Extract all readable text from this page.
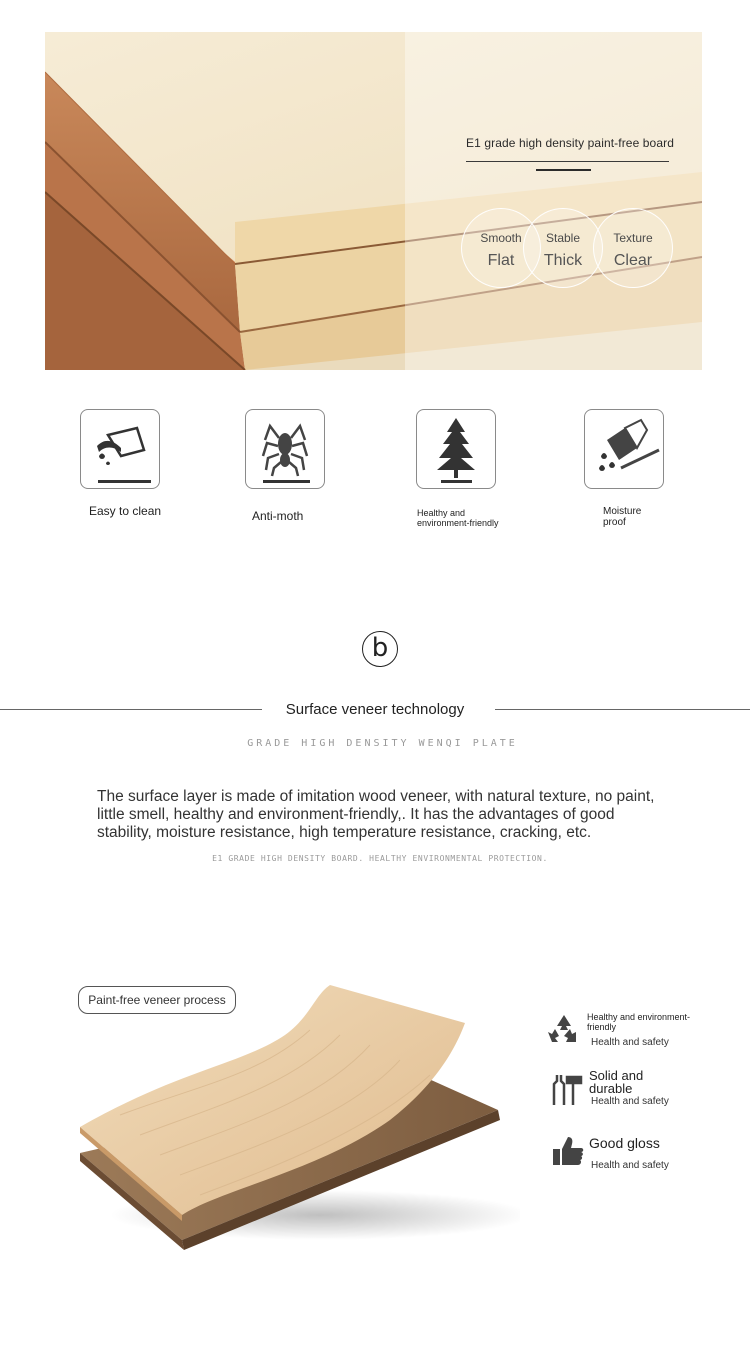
E1 grade high density paint-free board
Smooth
Flat
Stable
Thick
Texture
Clear
Easy to clean	Anti-moth	Healthy and environment-friendly
Moisture proof
b
Surface veneer technology
GRADE HIGH DENSITY WENQI PLATE
The surface layer is made of imitation wood veneer, with natural texture, no paint, little smell, healthy and environment-friendly,. It has the advantages of good stability, moisture resistance, high temperature resistance, cracking, etc.
E1 GRADE HIGH DENSITY BOARD. HEALTHY ENVIRONMENTAL PROTECTION.
Paint-free veneer process
Healthy and environment-friendly
Health and safety
Solid and durable
Health and safety
Good gloss
Health and safety
